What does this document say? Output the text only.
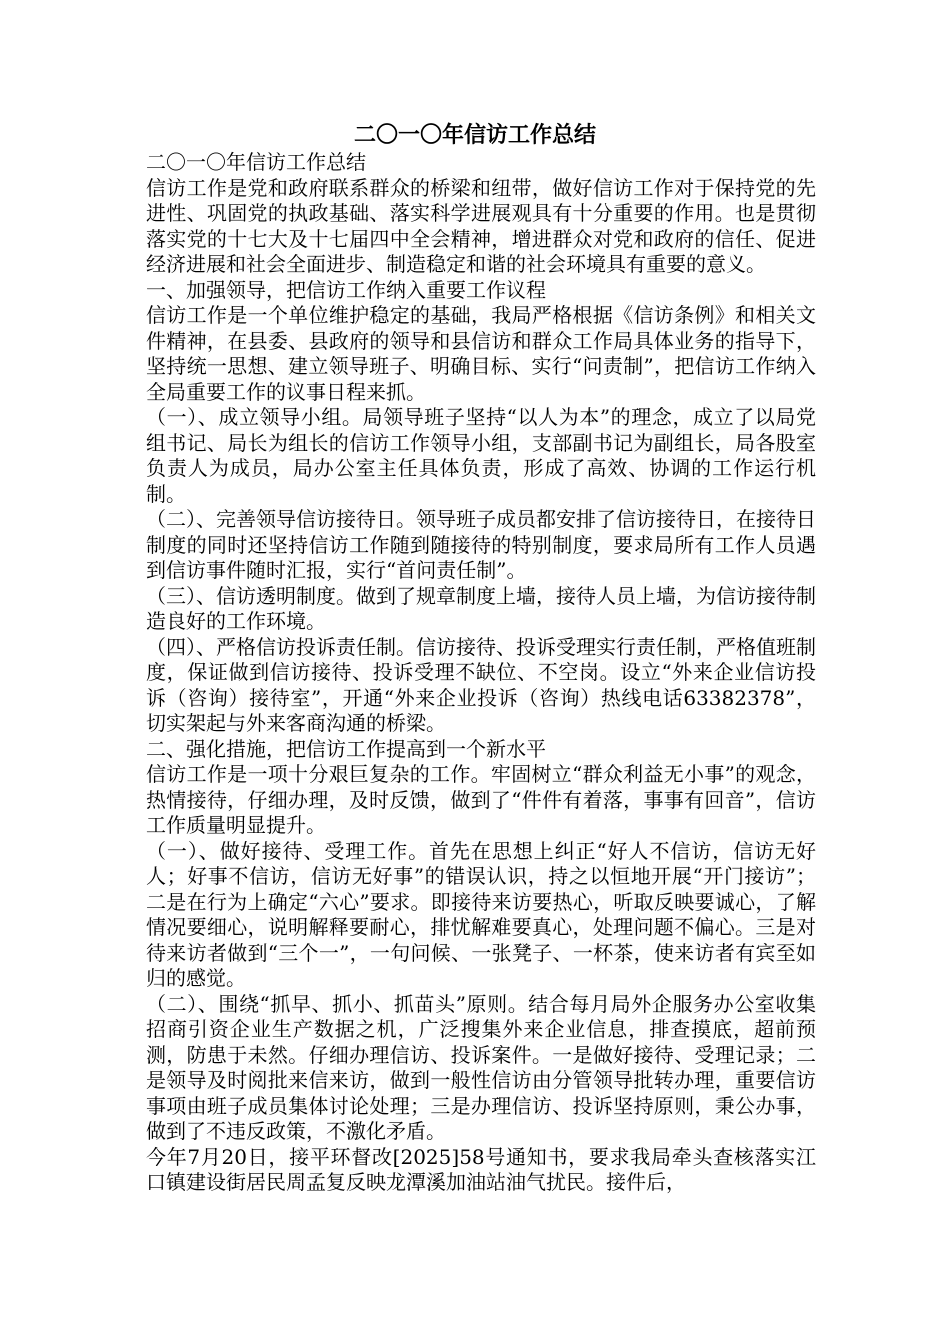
二〇一〇年信访工作总结

二〇一〇年信访工作总结

信访工作是党和政府联系群众的桥梁和纽带，做好信访工作对于保持党的先进性、巩固党的执政基础、落实科学进展观具有十分重要的作用。也是贯彻落实党的十七大及十七届四中全会精神，增进群众对党和政府的信任、促进经济进展和社会全面进步、制造稳定和谐的社会环境具有重要的意义。

一、加强领导，把信访工作纳入重要工作议程

信访工作是一个单位维护稳定的基础，我局严格根据《信访条例》和相关文件精神，在县委、县政府的领导和县信访和群众工作局具体业务的指导下，坚持统一思想、建立领导班子、明确目标、实行“问责制”，把信访工作纳入全局重要工作的议事日程来抓。

（一）、成立领导小组。局领导班子坚持“以人为本”的理念，成立了以局党组书记、局长为组长的信访工作领导小组，支部副书记为副组长，局各股室负责人为成员，局办公室主任具体负责，形成了高效、协调的工作运行机制。

（二）、完善领导信访接待日。领导班子成员都安排了信访接待日，在接待日制度的同时还坚持信访工作随到随接待的特别制度，要求局所有工作人员遇到信访事件随时汇报，实行“首问责任制”。

（三）、信访透明制度。做到了规章制度上墙，接待人员上墙，为信访接待制造良好的工作环境。

（四）、严格信访投诉责任制。信访接待、投诉受理实行责任制，严格值班制度，保证做到信访接待、投诉受理不缺位、不空岗。设立“外来企业信访投诉（咨询）接待室”，开通“外来企业投诉（咨询）热线电话63382378”，切实架起与外来客商沟通的桥梁。

二、强化措施，把信访工作提高到一个新水平

信访工作是一项十分艰巨复杂的工作。牢固树立“群众利益无小事”的观念，热情接待，仔细办理，及时反馈，做到了“件件有着落，事事有回音”，信访工作质量明显提升。

（一）、做好接待、受理工作。首先在思想上纠正“好人不信访，信访无好人；好事不信访，信访无好事”的错误认识，持之以恒地开展“开门接访”；二是在行为上确定“六心”要求。即接待来访要热心，听取反映要诚心，了解情况要细心，说明解释要耐心，排忧解难要真心，处理问题不偏心。三是对待来访者做到“三个一”，一句问候、一张凳子、一杯茶，使来访者有宾至如归的感觉。

（二）、围绕“抓早、抓小、抓苗头”原则。结合每月局外企服务办公室收集招商引资企业生产数据之机，广泛搜集外来企业信息，排查摸底，超前预测，防患于未然。仔细办理信访、投诉案件。一是做好接待、受理记录；二是领导及时阅批来信来访，做到一般性信访由分管领导批转办理，重要信访事项由班子成员集体讨论处理；三是办理信访、投诉坚持原则，秉公办事，做到了不违反政策，不激化矛盾。

今年7月20日，接平环督改[2025]58号通知书，要求我局牵头查核落实江口镇建设街居民周孟复反映龙潭溪加油站油气扰民。接件后，
